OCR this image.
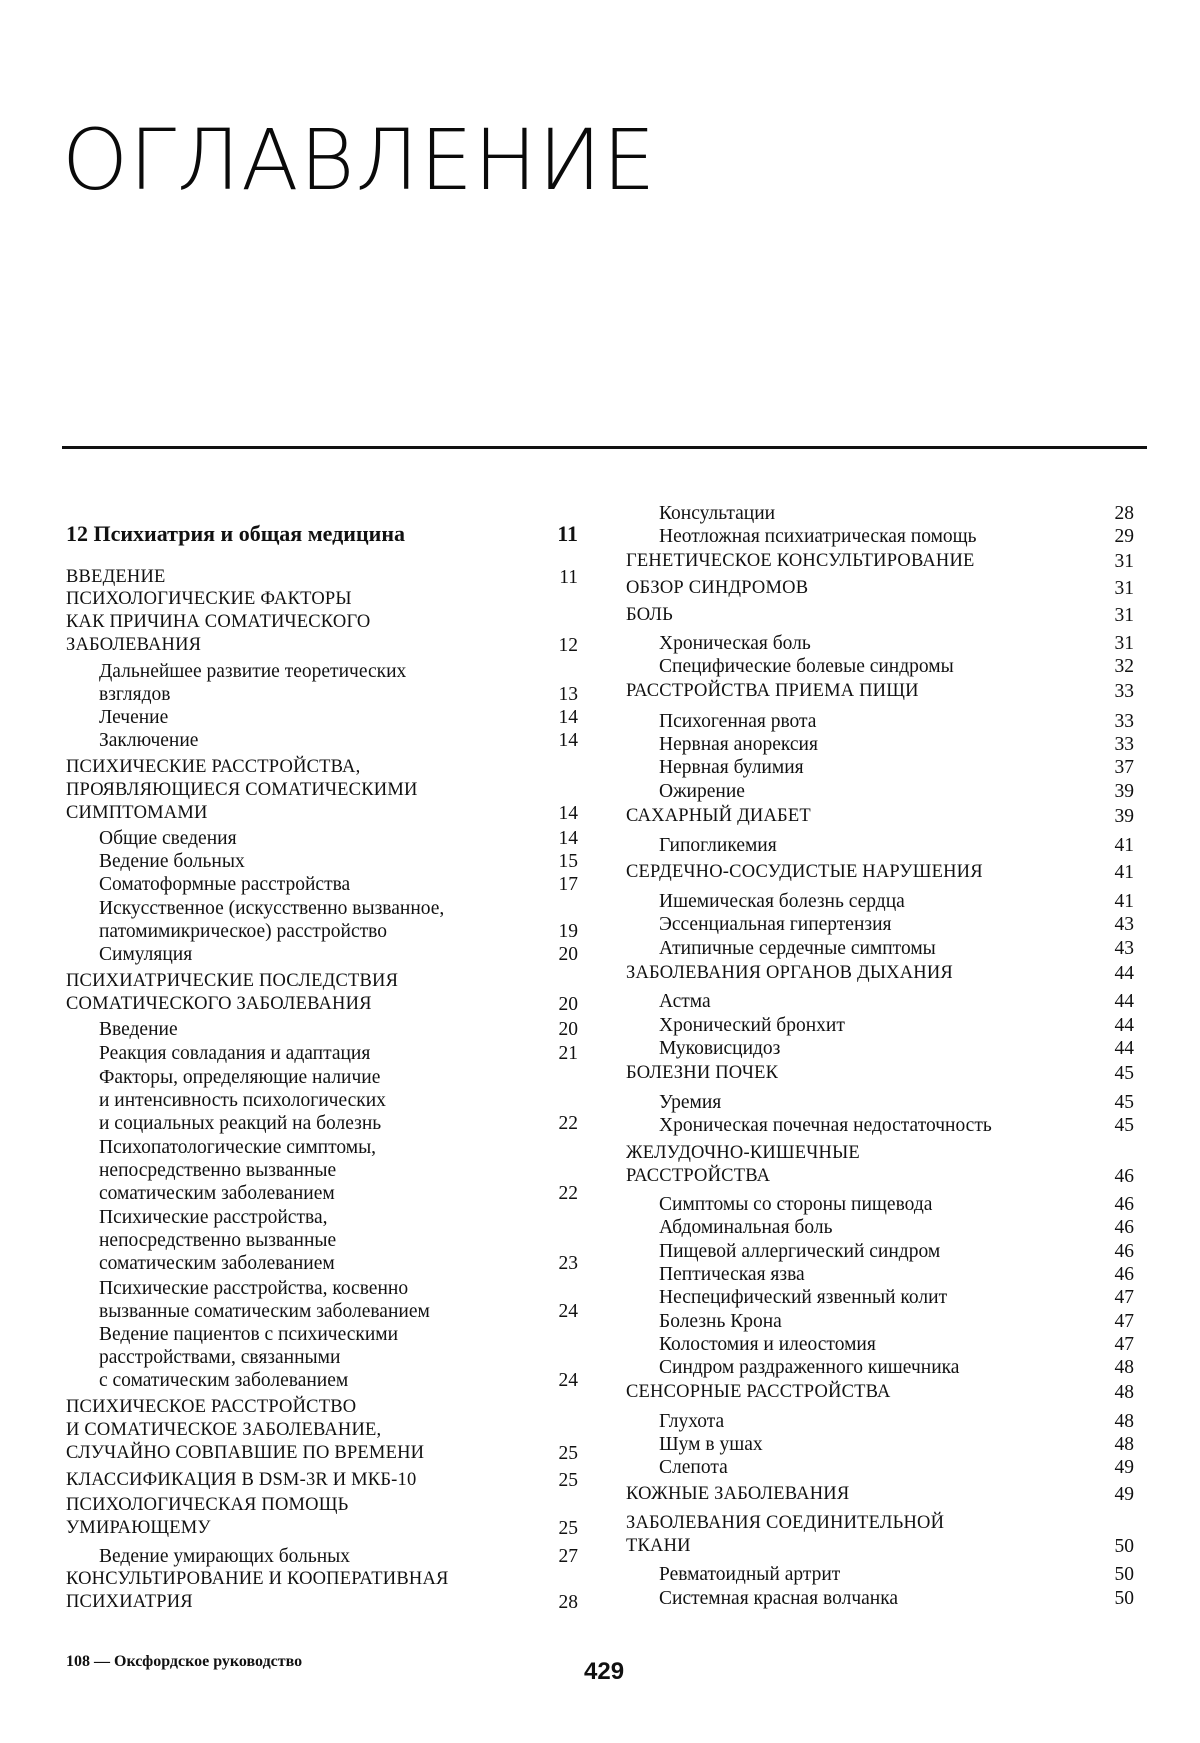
ОГЛАВЛЕНИЕ
12 Психиатрия и общая медицина	11
ВВЕДЕНИЕ	11
ПСИХОЛОГИЧЕСКИЕ ФАКТОРЫ
КАК ПРИЧИНА СОМАТИЧЕСКОГО
ЗАБОЛЕВАНИЯ	12
Дальнейшее развитие теоретических
взглядов	13
Лечение	14
Заключение	14
ПСИХИЧЕСКИЕ РАССТРОЙСТВА,
ПРОЯВЛЯЮЩИЕСЯ СОМАТИЧЕСКИМИ
СИМПТОМАМИ	14
Общие сведения	14
Ведение больных	15
Соматоформные расстройства	17
Искусственное (искусственно вызванное,
патомимикрическое) расстройство	19
Симуляция	20
ПСИХИАТРИЧЕСКИЕ ПОСЛЕДСТВИЯ
СОМАТИЧЕСКОГО ЗАБОЛЕВАНИЯ	20
Введение	20
Реакция совладания и адаптация	21
Факторы, определяющие наличие
и интенсивность психологических
и социальных реакций на болезнь	22
Психопатологические симптомы,
непосредственно вызванные
соматическим заболеванием	22
Психические расстройства,
непосредственно вызванные
соматическим заболеванием	23
Психические расстройства, косвенно
вызванные соматическим заболеванием	24
Ведение пациентов с психическими
расстройствами, связанными
с соматическим заболеванием	24
ПСИХИЧЕСКОЕ РАССТРОЙСТВО
И СОМАТИЧЕСКОЕ ЗАБОЛЕВАНИЕ,
СЛУЧАЙНО СОВПАВШИЕ ПО ВРЕМЕНИ	25
КЛАССИФИКАЦИЯ В DSM-3R И МКБ-10	25
ПСИХОЛОГИЧЕСКАЯ ПОМОЩЬ
УМИРАЮЩЕМУ	25
Ведение умирающих больных	27
КОНСУЛЬТИРОВАНИЕ И КООПЕРАТИВНАЯ
ПСИХИАТРИЯ	28
Консультации	28
Неотложная психиатрическая помощь	29
ГЕНЕТИЧЕСКОЕ КОНСУЛЬТИРОВАНИЕ	31
ОБЗОР СИНДРОМОВ	31
БОЛЬ	31
Хроническая боль	31
Специфические болевые синдромы	32
РАССТРОЙСТВА ПРИЕМА ПИЩИ	33
Психогенная рвота	33
Нервная анорексия	33
Нервная булимия	37
Ожирение	39
САХАРНЫЙ ДИАБЕТ	39
Гипогликемия	41
СЕРДЕЧНО-СОСУДИСТЫЕ НАРУШЕНИЯ	41
Ишемическая болезнь сердца	41
Эссенциальная гипертензия	43
Атипичные сердечные симптомы	43
ЗАБОЛЕВАНИЯ ОРГАНОВ ДЫХАНИЯ	44
Астма	44
Хронический бронхит	44
Муковисцидоз	44
БОЛЕЗНИ ПОЧЕК	45
Уремия	45
Хроническая почечная недостаточность	45
ЖЕЛУДОЧНО-КИШЕЧНЫЕ
РАССТРОЙСТВА	46
Симптомы со стороны пищевода	46
Абдоминальная боль	46
Пищевой аллергический синдром	46
Пептическая язва	46
Неспецифический язвенный колит	47
Болезнь Крона	47
Колостомия и илеостомия	47
Синдром раздраженного кишечника	48
СЕНСОРНЫЕ РАССТРОЙСТВА	48
Глухота	48
Шум в ушах	48
Слепота	49
КОЖНЫЕ ЗАБОЛЕВАНИЯ	49
ЗАБОЛЕВАНИЯ СОЕДИНИТЕЛЬНОЙ
ТКАНИ	50
Ревматоидный артрит	50
Системная красная волчанка	50
108 — Оксфордское руководство	429
